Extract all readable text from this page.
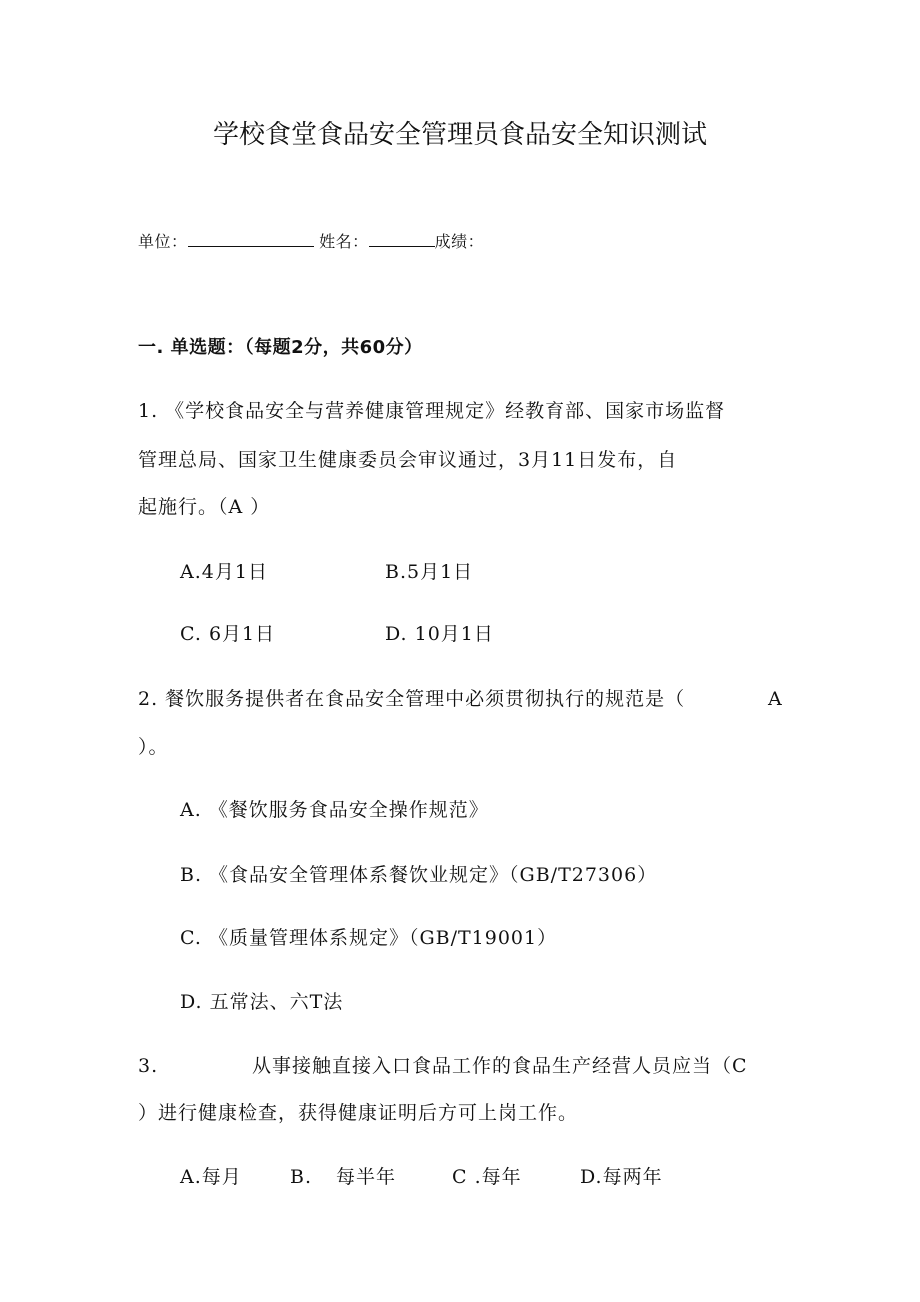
学校食堂食品安全管理员食品安全知识测试
单位：	姓名：	成绩：
一. 单选题：（每题2分，共60分）
1. 《学校食品安全与营养健康管理规定》经教育部、国家市场监督
管理总局、国家卫生健康委员会审议通过，3月11日发布，自
起施行。（A ）
A.4月1日	B.5月1日
C. 6月1日	D. 10月1日
2. 餐饮服务提供者在食品安全管理中必须贯彻执行的规范是（	A
）。
A. 《餐饮服务食品安全操作规范》
B. 《食品安全管理体系餐饮业规定》（GB/T27306）
C. 《质量管理体系规定》（GB/T19001）
D. 五常法、六T法
3.	从事接触直接入口食品工作的食品生产经营人员应当（C
）进行健康检查，获得健康证明后方可上岗工作。
A.每月	B. 每半年	C .每年	D.每两年
